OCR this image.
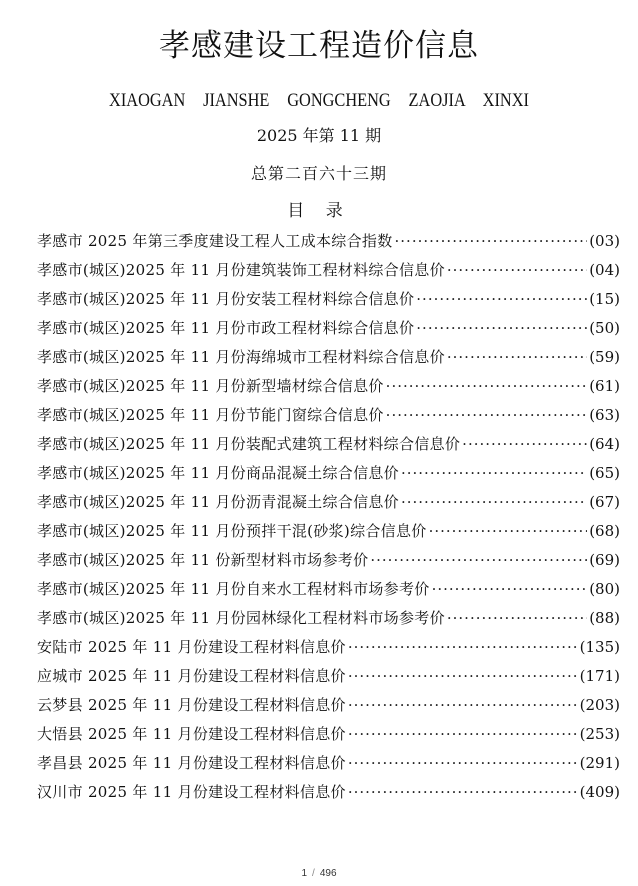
孝感建设工程造价信息
XIAOGAN JIANSHE GONGCHENG ZAOJIA XINXI
2025 年第 11 期
总第二百六十三期
目 录
孝感市 2025 年第三季度建设工程人工成本综合指数 ·····	(03)
孝感市(城区)2025 年 11 月份建筑装饰工程材料综合信息价 ·····	(04)
孝感市(城区)2025 年 11 月份安装工程材料综合信息价 ·····	(15)
孝感市(城区)2025 年 11 月份市政工程材料综合信息价 ·····	(50)
孝感市(城区)2025 年 11 月份海绵城市工程材料综合信息价 ·····	(59)
孝感市(城区)2025 年 11 月份新型墙材综合信息价 ·····	(61)
孝感市(城区)2025 年 11 月份节能门窗综合信息价 ·····	(63)
孝感市(城区)2025 年 11 月份装配式建筑工程材料综合信息价 ·····	(64)
孝感市(城区)2025 年 11 月份商品混凝土综合信息价 ·····	(65)
孝感市(城区)2025 年 11 月份沥青混凝土综合信息价 ·····	(67)
孝感市(城区)2025 年 11 月份预拌干混(砂浆)综合信息价 ·····	(68)
孝感市(城区)2025 年 11 份新型材料市场参考价 ·····	(69)
孝感市(城区)2025 年 11 月份自来水工程材料市场参考价 ·····	(80)
孝感市(城区)2025 年 11 月份园林绿化工程材料市场参考价 ·····	(88)
安陆市 2025 年 11 月份建设工程材料信息价 ·····	(135)
应城市 2025 年 11 月份建设工程材料信息价 ·····	(171)
云梦县 2025 年 11 月份建设工程材料信息价 ·····	(203)
大悟县 2025 年 11 月份建设工程材料信息价 ·····	(253)
孝昌县 2025 年 11 月份建设工程材料信息价 ·····	(291)
汉川市 2025 年 11 月份建设工程材料信息价 ·····	(409)
1 / 496
